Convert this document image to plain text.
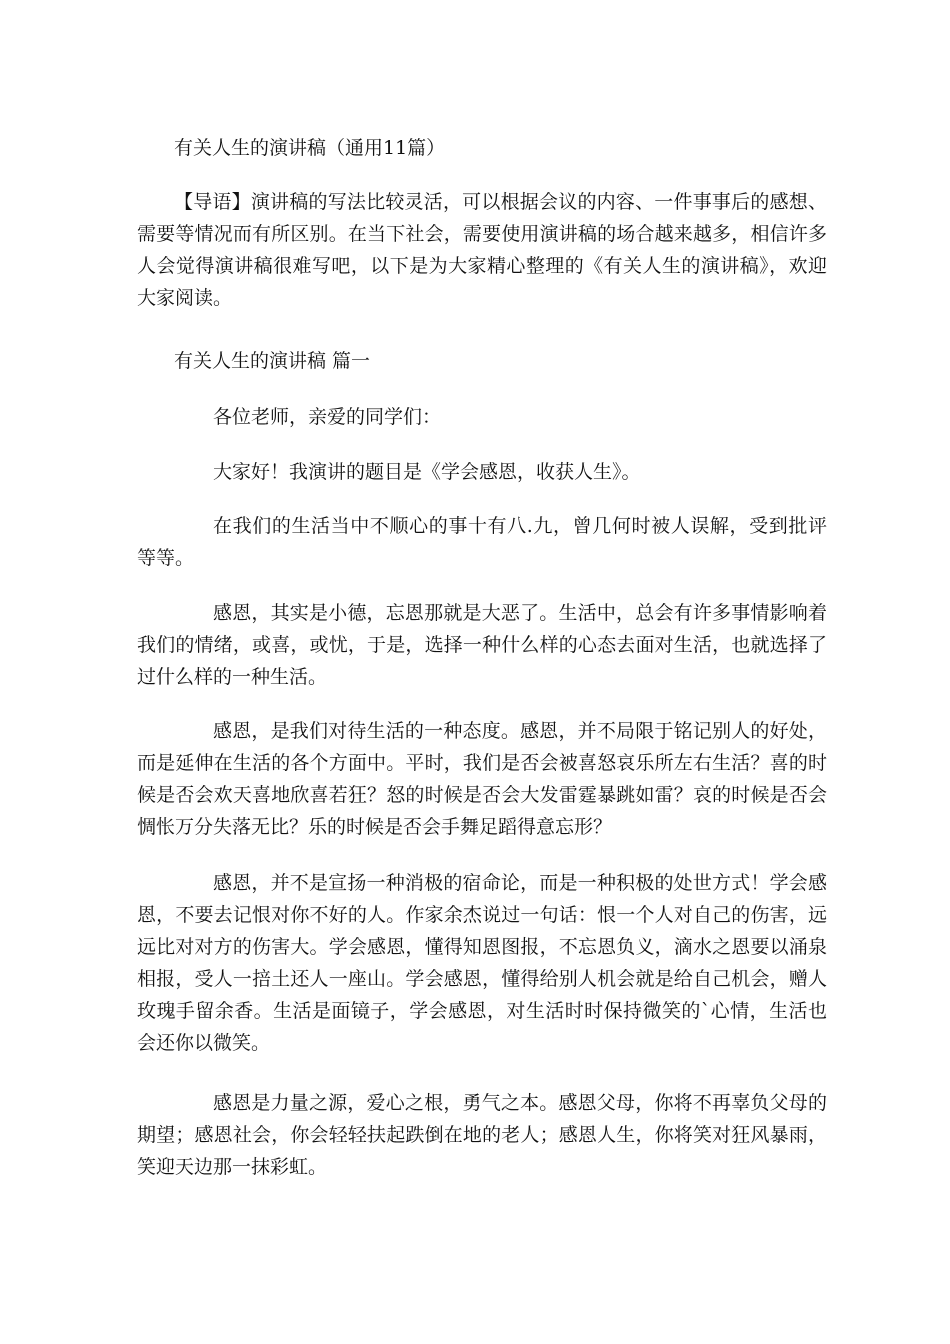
有关人生的演讲稿（通用11篇）

【导语】演讲稿的写法比较灵活，可以根据会议的内容、一件事事后的感想、需要等情况而有所区别。在当下社会，需要使用演讲稿的场合越来越多，相信许多人会觉得演讲稿很难写吧，以下是为大家精心整理的《有关人生的演讲稿》，欢迎大家阅读。

有关人生的演讲稿 篇一

各位老师，亲爱的同学们：

大家好！我演讲的题目是《学会感恩，收获人生》。

在我们的生活当中不顺心的事十有八.九，曾几何时被人误解，受到批评等等。

感恩，其实是小德，忘恩那就是大恶了。生活中，总会有许多事情影响着我们的情绪，或喜，或忧，于是，选择一种什么样的心态去面对生活，也就选择了过什么样的一种生活。

感恩，是我们对待生活的一种态度。感恩，并不局限于铭记别人的好处，而是延伸在生活的各个方面中。平时，我们是否会被喜怒哀乐所左右生活？喜的时候是否会欢天喜地欣喜若狂？怒的时候是否会大发雷霆暴跳如雷？哀的时候是否会惆怅万分失落无比？乐的时候是否会手舞足蹈得意忘形？

感恩，并不是宣扬一种消极的宿命论，而是一种积极的处世方式！学会感恩，不要去记恨对你不好的人。作家余杰说过一句话：恨一个人对自己的伤害，远远比对对方的伤害大。学会感恩，懂得知恩图报，不忘恩负义，滴水之恩要以涌泉相报，受人一掊土还人一座山。学会感恩，懂得给别人机会就是给自己机会，赠人玫瑰手留余香。生活是面镜子，学会感恩，对生活时时保持微笑的`心情，生活也会还你以微笑。

感恩是力量之源，爱心之根，勇气之本。感恩父母，你将不再辜负父母的期望；感恩社会，你会轻轻扶起跌倒在地的老人；感恩人生，你将笑对狂风暴雨，笑迎天边那一抹彩虹。
